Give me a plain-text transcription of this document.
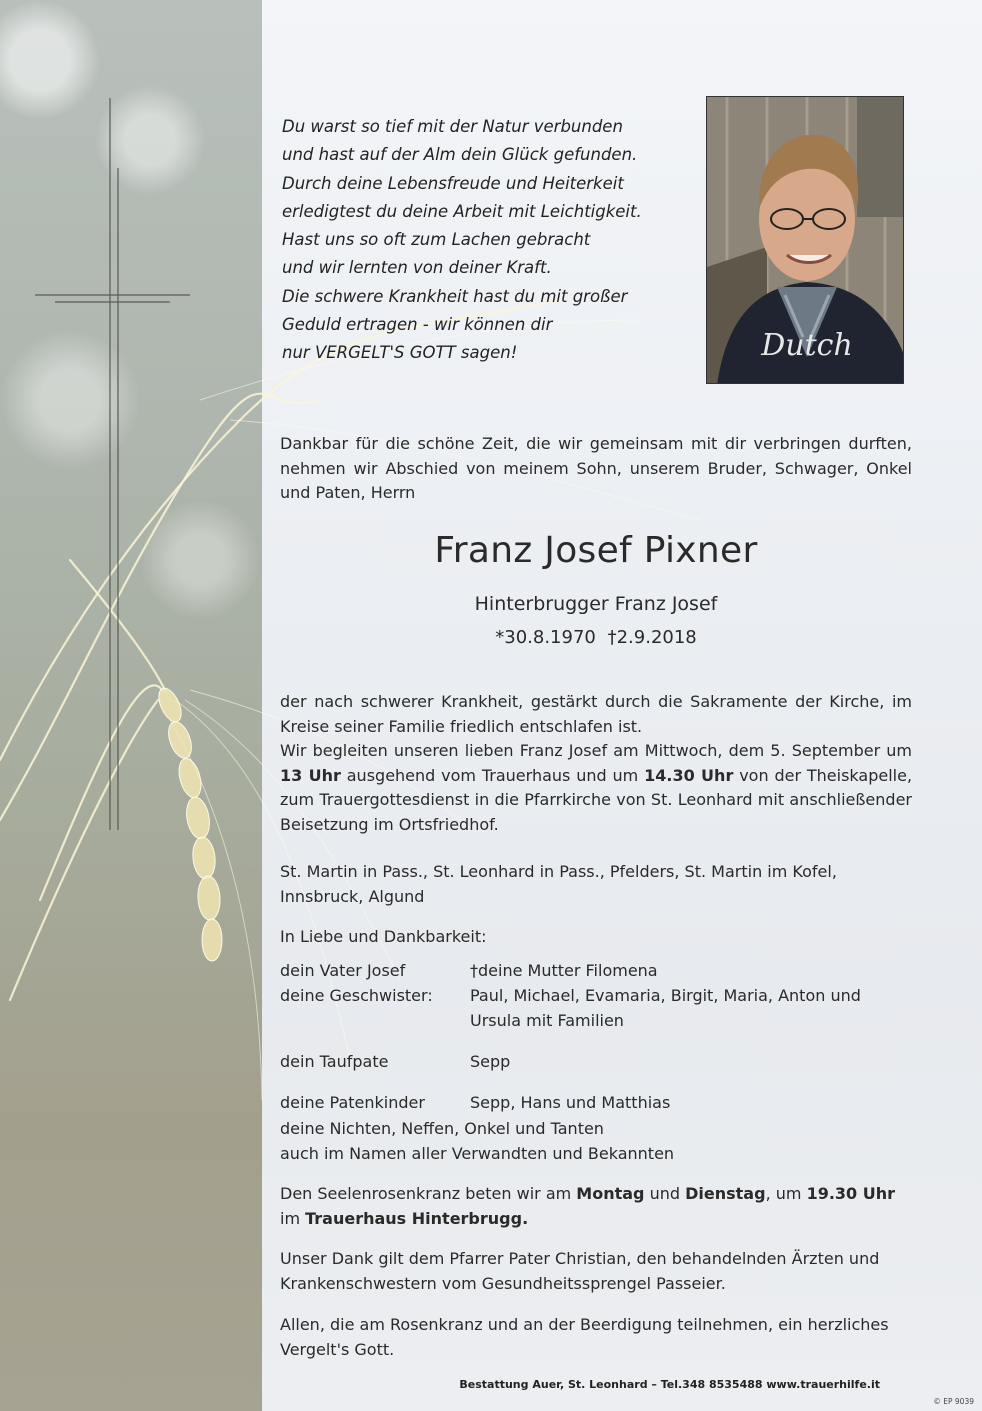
Du warst so tief mit der Natur verbunden
und hast auf der Alm dein Glück gefunden.
Durch deine Lebensfreude und Heiterkeit
erledigtest du deine Arbeit mit Leichtigkeit.
Hast uns so oft zum Lachen gebracht
und wir lernten von deiner Kraft.
Die schwere Krankheit hast du mit großer
Geduld ertragen - wir können dir
nur VERGELT'S GOTT sagen!	Dutch
Dankbar für die schöne Zeit, die wir gemeinsam mit dir verbringen durften, nehmen wir Abschied von meinem Sohn, unserem Bruder, Schwager, Onkel und Paten, Herrn
Franz Josef Pixner
Hinterbrugger Franz Josef
*30.8.1970 †2.9.2018
der nach schwerer Krankheit, gestärkt durch die Sakramente der Kirche, im Kreise seiner Familie friedlich entschlafen ist.
Wir begleiten unseren lieben Franz Josef am Mittwoch, dem 5. September um 13 Uhr ausgehend vom Trauerhaus und um 14.30 Uhr von der Theiskapelle, zum Trauergottesdienst in die Pfarrkirche von St. Leonhard mit anschließender Beisetzung im Ortsfriedhof.
St. Martin in Pass., St. Leonhard in Pass., Pfelders, St. Martin im Kofel, Innsbruck, Algund
In Liebe und Dankbarkeit:
dein Vater Josef	†deine Mutter Filomena
deine Geschwister:	Paul, Michael, Evamaria, Birgit, Maria, Anton und Ursula mit Familien
dein Taufpate	Sepp
deine Patenkinder	Sepp, Hans und Matthias
deine Nichten, Neffen, Onkel und Tanten
auch im Namen aller Verwandten und Bekannten
Den Seelenrosenkranz beten wir am Montag und Dienstag, um 19.30 Uhr im Trauerhaus Hinterbrugg.
Unser Dank gilt dem Pfarrer Pater Christian, den behandelnden Ärzten und Krankenschwestern vom Gesundheitssprengel Passeier.
Allen, die am Rosenkranz und an der Beerdigung teilnehmen, ein herzliches Vergelt's Gott.
Bestattung Auer, St. Leonhard – Tel.348 8535488 www.trauerhilfe.it
© EP 9039
